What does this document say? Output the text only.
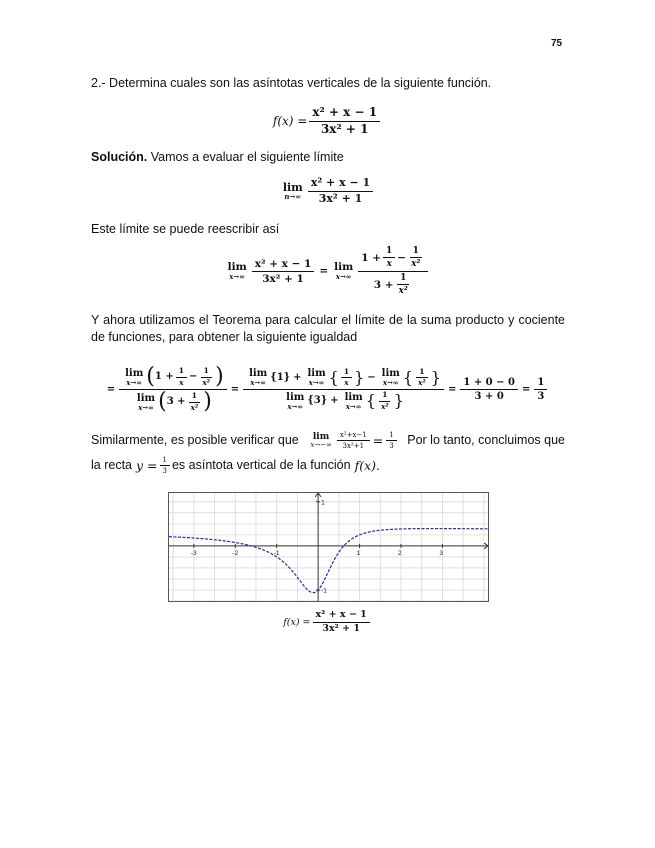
75
2.- Determina cuales son las asíntotas verticales de la siguiente función.
$f(x) = \frac{\text{x² + x − 1}}{\text{3x² + 1}}$
Solución. Vamos a evaluar el siguiente límite
lim
$n\to\infty \frac{\text{x² + x − 1}}{\text{3x² + 1}}$
Este límite se puede reescribir así
lim
$x\to\infty \frac{\text{x² + x − 1}}{\text{3x² + 1}} = \lim$
$x\to\infty \frac{1 + \frac{1}{x} - \frac{1}{\text{x²}}}{3 + \frac{1}{\text{x²}}}$
Y ahora utilizamos el Teorema para calcular el límite de la suma producto y cociente de funciones, para obtener la siguiente igualdad
= lim
x→∞ ( $1 + \frac{1}{x} - \frac{1}{\text{x²}}$ )
lim
x→∞ ( $3 + \frac{1}{\text{x²}}$ ) =
lim
x→∞ {1} + lim
x→∞ { $\frac{1}{x}$ } − lim
x→∞ { $\frac{1}{\text{x²}}$ }
lim
x→∞ {3} + lim
x→∞ { $\frac{1}{\text{x²}}$ }
= $\frac{1 + 0 - 0}{3 + 0} = \frac{1}{3}$
Similarmente, es posible verificar que lim
$x\to-\infty \frac{\text{x²+x−1}}{\text{3x²+1}} = \frac{1}{3}$ Por lo tanto, concluimos que
la recta $y = \frac{1}{3}$ es asíntota vertical de la función f(x).
-3	-2	-1	1	2	3
1
-1
$f(x) = \frac{\text{x² + x − 1}}{\text{3x² + 1}}$
